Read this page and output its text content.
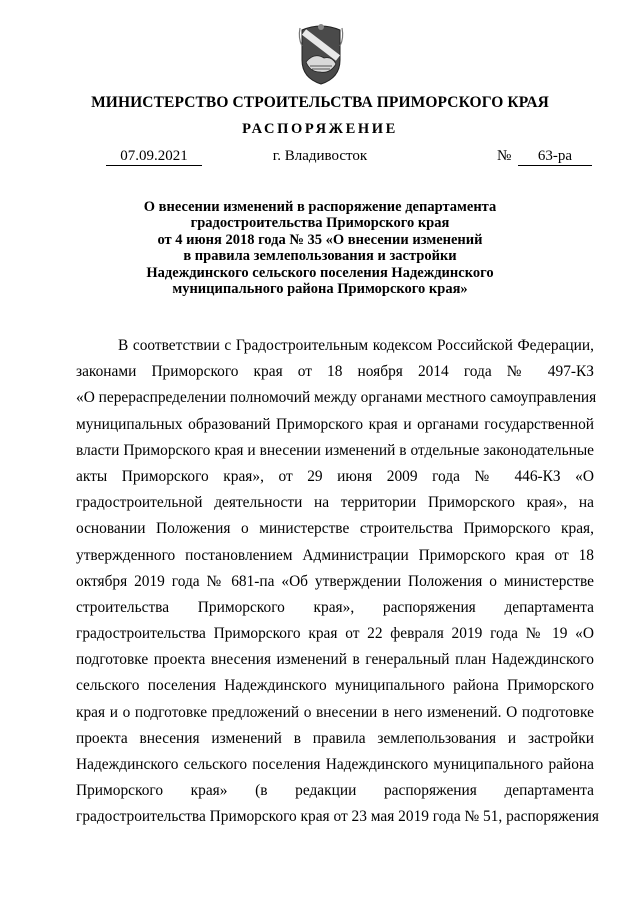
МИНИСТЕРСТВО СТРОИТЕЛЬСТВА ПРИМОРСКОГО КРАЯ
РАСПОРЯЖЕНИЕ
07.09.2021	г. Владивосток	№	63-ра
О внесении изменений в распоряжение департамента
градостроительства Приморского края
от 4 июня 2018 года № 35 «О внесении изменений
в правила землепользования и застройки
Надеждинского сельского поселения Надеждинского
муниципального района Приморского края»
В соответствии с Градостроительным кодексом Российской Федерации,
законами Приморского края от 18 ноября 2014 года № 497-КЗ
«О перераспределении полномочий между органами местного самоуправления
муниципальных образований Приморского края и органами государственной
власти Приморского края и внесении изменений в отдельные законодательные
акты Приморского края», от 29 июня 2009 года № 446-КЗ «О
градостроительной деятельности на территории Приморского края», на
основании Положения о министерстве строительства Приморского края,
утвержденного постановлением Администрации Приморского края от 18
октября 2019 года № 681-па «Об утверждении Положения о министерстве
строительства Приморского края», распоряжения департамента
градостроительства Приморского края от 22 февраля 2019 года № 19 «О
подготовке проекта внесения изменений в генеральный план Надеждинского
сельского поселения Надеждинского муниципального района Приморского
края и о подготовке предложений о внесении в него изменений. О подготовке
проекта внесения изменений в правила землепользования и застройки
Надеждинского сельского поселения Надеждинского муниципального района
Приморского края» (в редакции распоряжения департамента
градостроительства Приморского края от 23 мая 2019 года № 51, распоряжения
